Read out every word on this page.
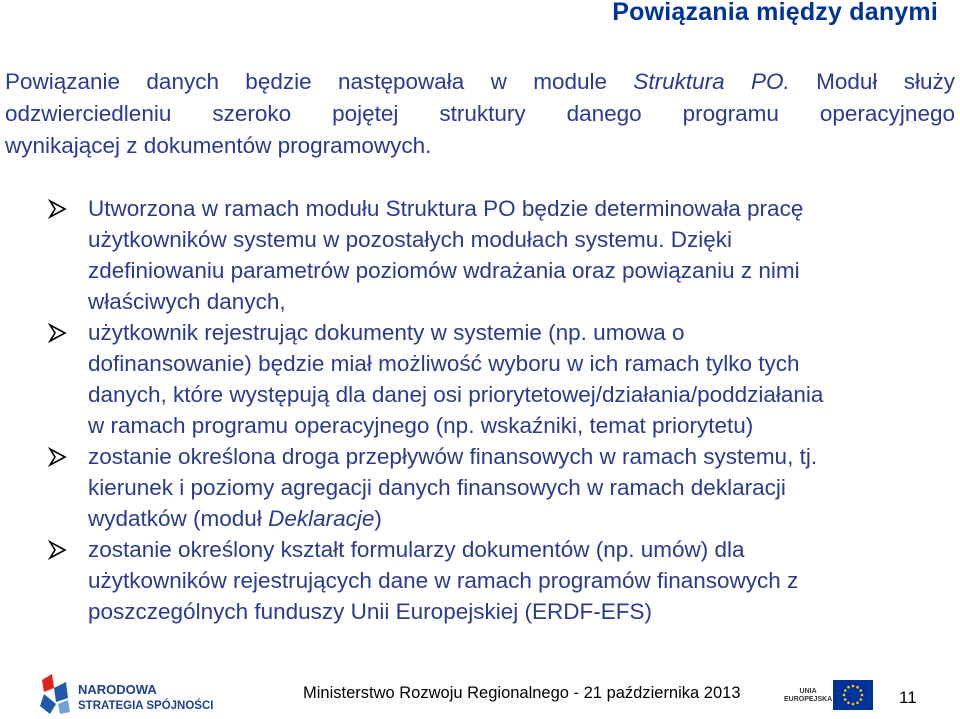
Powiązania między danymi
Powiązanie danych będzie następowała w module Struktura PO. Moduł służy
odzwierciedleniu szeroko pojętej struktury danego programu operacyjnego
wynikającej z dokumentów programowych.
Utworzona w ramach modułu Struktura PO będzie determinowała pracę
użytkowników systemu w pozostałych modułach systemu. Dzięki
zdefiniowaniu parametrów poziomów wdrażania oraz powiązaniu z nimi
właściwych danych,
użytkownik rejestrując dokumenty w systemie (np. umowa o
dofinansowanie) będzie miał możliwość wyboru w ich ramach tylko tych
danych, które występują dla danej osi priorytetowej/działania/poddziałania
w ramach programu operacyjnego (np. wskaźniki, temat priorytetu)
zostanie określona droga przepływów finansowych w ramach systemu, tj.
kierunek i poziomy agregacji danych finansowych w ramach deklaracji
wydatków (moduł Deklaracje)
zostanie określony kształt formularzy dokumentów (np. umów) dla
użytkowników rejestrujących dane w ramach programów finansowych z
poszczególnych funduszy Unii Europejskiej (ERDF-EFS)
NARODOWA
STRATEGIA SPÓJNOŚCI
Ministerstwo Rozwoju Regionalnego - 21 października 2013	UNIA
EUROPEJSKA	11
